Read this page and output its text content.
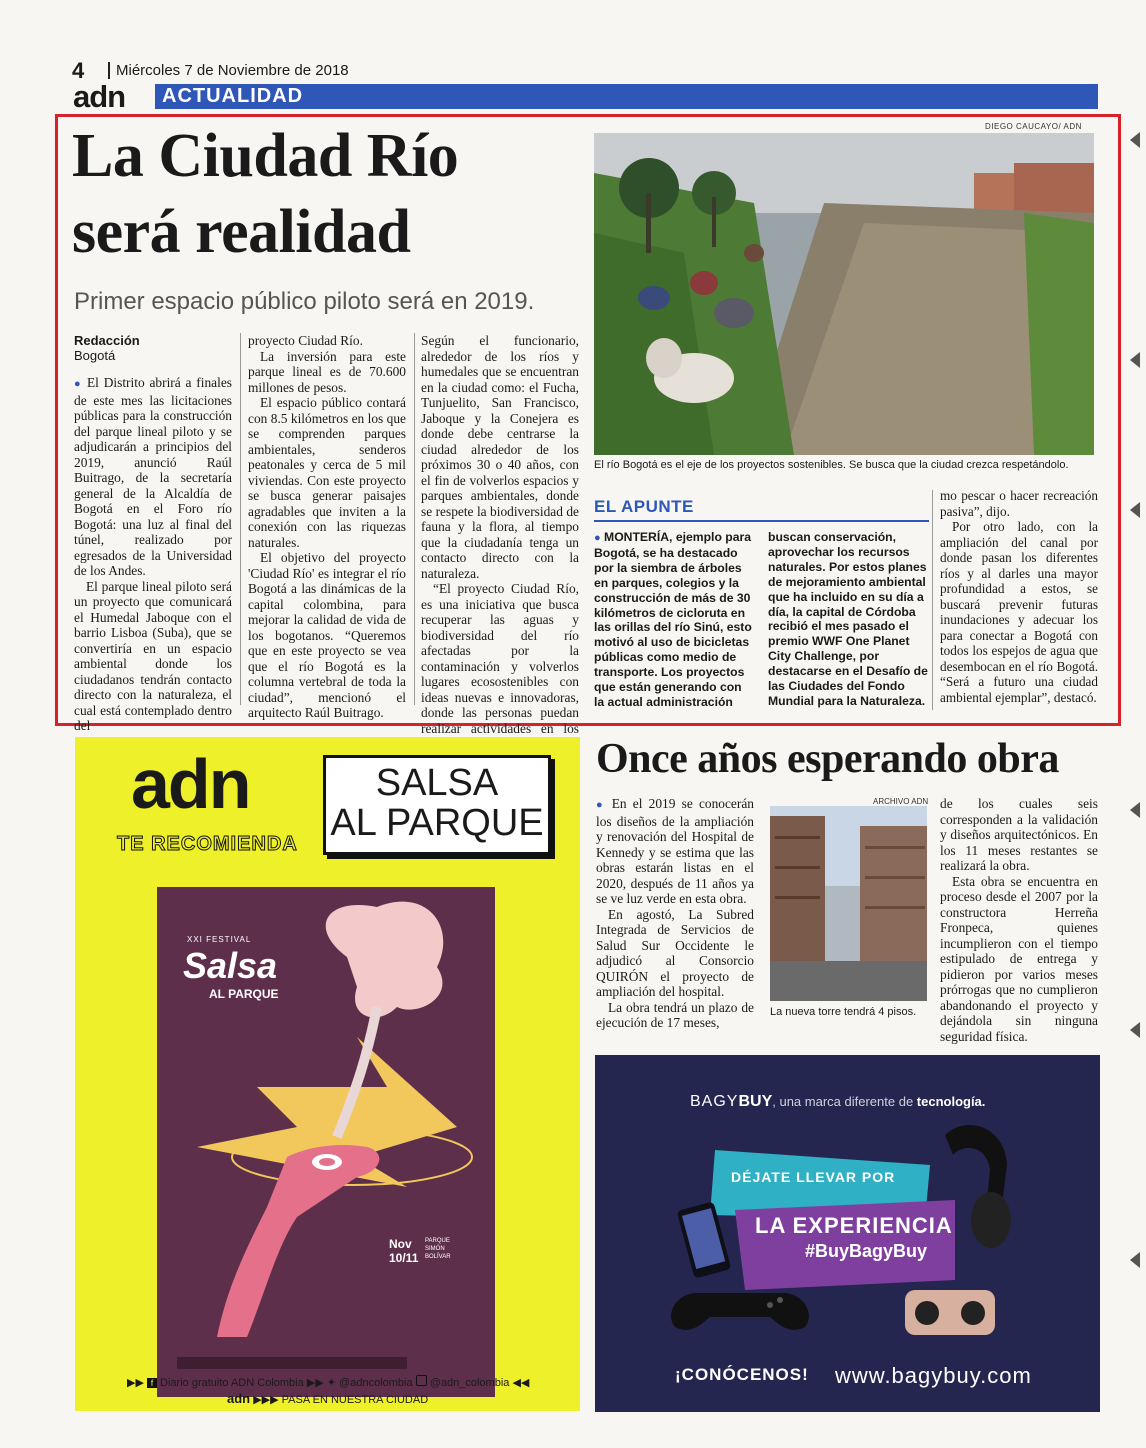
4	Miércoles 7 de Noviembre de 2018
adn ACTUALIDAD
La Ciudad Río
será realidad
Primer espacio público piloto será en 2019.
Redacción
Bogotá

● El Distrito abrirá a finales de este mes las licitaciones públicas para la construcción del parque lineal piloto y se adjudicarán a principios del 2019, anunció Raúl Buitrago, de la secretaría general de la Alcaldía de Bogotá en el Foro río Bogotá: una luz al final del túnel, realizado por egresados de la Universidad de los Andes.

El parque lineal piloto será un proyecto que comunicará el Humedal Jaboque con el barrio Lisboa (Suba), que se convertiría en un espacio ambiental donde los ciudadanos tendrán contacto directo con la naturaleza, el cual está contemplado dentro del

proyecto Ciudad Río.

La inversión para este parque lineal es de 70.600 millones de pesos.

El espacio público contará con 8.5 kilómetros en los que se comprenden parques ambientales, senderos peatonales y cerca de 5 mil viviendas. Con este proyecto se busca generar paisajes agradables que inviten a la conexión con las riquezas naturales.

El objetivo del proyecto 'Ciudad Río' es integrar el río Bogotá a las dinámicas de la capital colombina, para mejorar la calidad de vida de los bogotanos. “Queremos que en este proyecto se vea que el río Bogotá es la columna vertebral de toda la ciudad”, mencionó el arquitecto Raúl Buitrago.

Según el funcionario, alrededor de los ríos y humedales que se encuentran en la ciudad como: el Fucha, Tunjuelito, San Francisco, Jaboque y la Conejera es donde debe centrarse la ciudad alrededor de los próximos 30 o 40 años, con el fin de volverlos espacios y parques ambientales, donde se respete la biodiversidad de fauna y la flora, al tiempo que la ciudadanía tenga un contacto directo con la naturaleza.

“El proyecto Ciudad Río, es una iniciativa que busca recuperar las aguas y biodiversidad del río afectadas por la contaminación y volverlos lugares ecosostenibles con ideas nuevas e innovadoras, donde las personas puedan realizar actividades en los

DIEGO CAUCAYO/ ADN
El río Bogotá es el eje de los proyectos sostenibles. Se busca que la ciudad crezca respetándolo.
EL APUNTE
● MONTERÍA, ejemplo para Bogotá, se ha destacado por la siembra de árboles en parques, colegios y la construcción de más de 30 kilómetros de cicloruta en las orillas del río Sinú, esto motivó al uso de bicicletas públicas como medio de transporte. Los proyectos que están generando con la actual administración
buscan conservación, aprovechar los recursos naturales. Por estos planes de mejoramiento ambiental que ha incluido en su día a día, la capital de Córdoba recibió el mes pasado el premio WWF One Planet City Challenge, por destacarse en el Desafío de las Ciudades del Fondo Mundial para la Naturaleza.

mo pescar o hacer recreación pasiva”, dijo.

Por otro lado, con la ampliación del canal por donde pasan los diferentes ríos y al darles una mayor profundidad a estos, se buscará prevenir futuras inundaciones y adecuar los para conectar a Bogotá con todos los espejos de agua que desembocan en el río Bogotá. “Será a futuro una ciudad ambiental ejemplar”, destacó.

adn
TE RECOMIENDA
SALSA
AL PARQUE
XXI FESTIVAL
Salsa
AL PARQUE
Nov 10/11
PARQUE SIMÓN BOLÍVAR
▶▶ f Diario gratuito ADN Colombia ▶▶ ✦ @adncolombia @adn_colombia ◀◀
adn ▶▶▶ PASA EN NUESTRA CIUDAD
Once años esperando obra

● En el 2019 se conocerán los diseños de la ampliación y renovación del Hospital de Kennedy y se estima que las obras estarán listas en el 2020, después de 11 años ya se ve luz verde en esta obra.

En agostó, La Subred Integrada de Servicios de Salud Sur Occidente le adjudicó al Consorcio QUIRÓN el proyecto de ampliación del hospital.

La obra tendrá un plazo de ejecución de 17 meses,

ARCHIVO ADN
La nueva torre tendrá 4 pisos.

de los cuales seis corresponden a la validación y diseños arquitectónicos. En los 11 meses restantes se realizará la obra.

Esta obra se encuentra en proceso desde el 2007 por la constructora Herreña Fronpeca, quienes incumplieron con el tiempo estipulado de entrega y pidieron por varios meses prórrogas que no cumplieron abandonando el proyecto y dejándola sin ninguna seguridad física.

BAGYBUY, una marca diferente de tecnología.
DÉJATE LLEVAR POR
LA EXPERIENCIA
#BuyBagyBuy
¡CONÓCENOS! www.bagybuy.com
